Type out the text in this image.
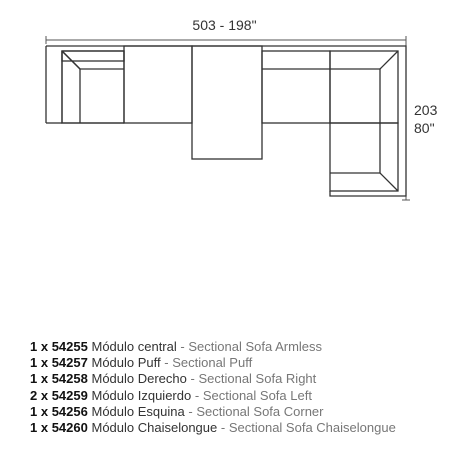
503 - 198"
203
80"
1 x 54255 Módulo central - Sectional Sofa Armless
1 x 54257 Módulo Puff - Sectional Puff
1 x 54258 Módulo Derecho - Sectional Sofa Right
2 x 54259 Módulo Izquierdo - Sectional Sofa Left
1 x 54256 Módulo Esquina - Sectional Sofa Corner
1 x 54260 Módulo Chaiselongue - Sectional Sofa Chaiselongue
